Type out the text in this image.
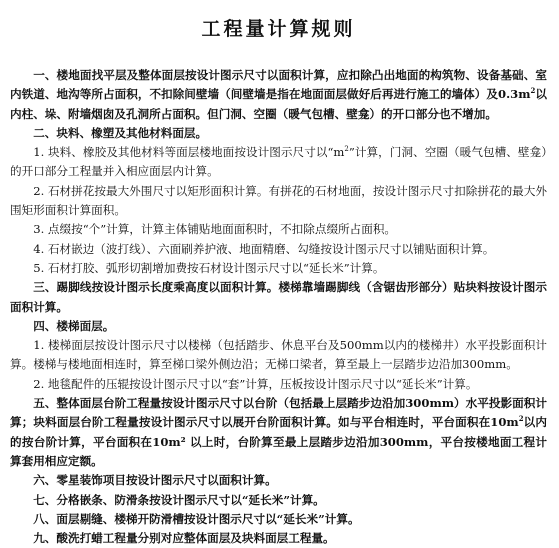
工程量计算规则

一、楼地面找平层及整体面层按设计图示尺寸以面积计算，应扣除凸出地面的构筑物、设备基础、室内铁道、地沟等所占面积，不扣除间壁墙（间壁墙是指在地面面层做好后再进行施工的墙体）及$0.3m^2$以内柱、垛、附墙烟囱及孔洞所占面积。但门洞、空圈（暖气包槽、壁龛）的开口部分也不增加。

二、块料、橡塑及其他材料面层。

1. 块料、橡胶及其他材料等面层楼地面按设计图示尺寸以“$m^2$”计算，门洞、空圈（暖气包槽、壁龛）的开口部分工程量并入相应面层内计算。

2. 石材拼花按最大外围尺寸以矩形面积计算。有拼花的石材地面，按设计图示尺寸扣除拼花的最大外围矩形面积计算面积。

3. 点缀按“个”计算，计算主体铺贴地面面积时，不扣除点缀所占面积。

4. 石材嵌边（波打线）、六面刷养护液、地面精磨、勾缝按设计图示尺寸以铺贴面积计算。

5. 石材打胶、弧形切割增加费按石材设计图示尺寸以“延长米”计算。

三、踢脚线按设计图示长度乘高度以面积计算。楼梯靠墙踢脚线（含锯齿形部分）贴块料按设计图示面积计算。

四、楼梯面层。

1. 楼梯面层按设计图示尺寸以楼梯（包括踏步、休息平台及500mm以内的楼梯井）水平投影面积计算。楼梯与楼地面相连时，算至梯口梁外侧边沿；无梯口梁者，算至最上一层踏步边沿加300mm。

2. 地毯配件的压辊按设计图示尺寸以“套”计算，压板按设计图示尺寸以“延长米”计算。

五、整体面层台阶工程量按设计图示尺寸以台阶（包括最上层踏步边沿加300mm）水平投影面积计算；块料面层台阶工程量按设计图示尺寸以展开台阶面积计算。如与平台相连时，平台面积在$10m^2$以内的按台阶计算，平台面积在10m² 以上时，台阶算至最上层踏步边沿加300mm，平台按楼地面工程计算套用相应定额。

六、零星装饰项目按设计图示尺寸以面积计算。

七、分格嵌条、防滑条按设计图示尺寸以“延长米”计算。

八、面层剔缝、楼梯开防滑槽按设计图示尺寸以“延长米”计算。

九、酸洗打蜡工程量分别对应整体面层及块料面层工程量。
